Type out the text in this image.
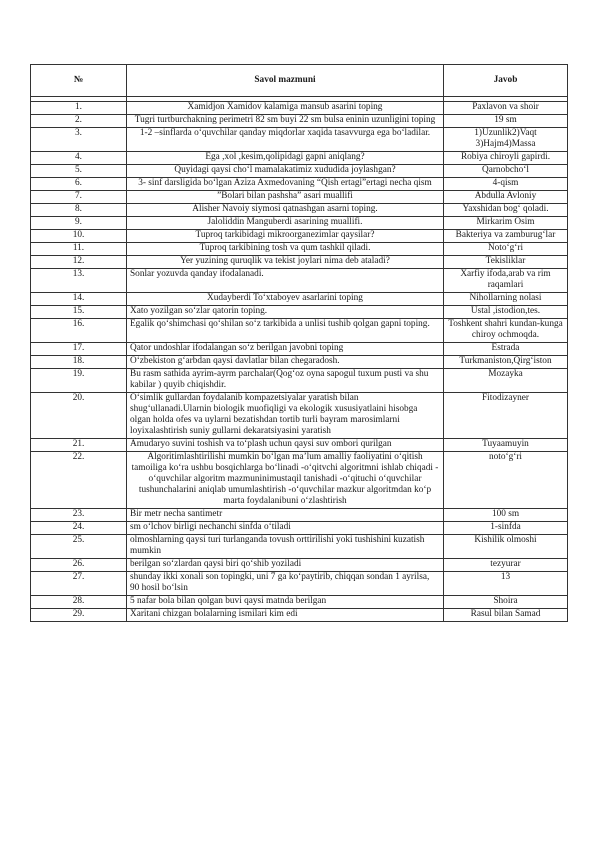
№	Savol mazmuni	Javob

1.	Xamidjon Xamidov kalamiga mansub asarini toping	Paxlavon va shoir
2.	Tugri turtburchakning perimetri 82 sm buyi 22 sm bulsa eninin uzunligini toping	19 sm
3.	1-2 –sinflarda o‘quvchilar qanday miqdorlar xaqida tasavvurga ega bo‘ladilar.	1)Uzunlik2)Vaqt 3)Hajm4)Massa
4.	Ega ,xol ,kesim,qolipidagi gapni aniqlang?	Robiya chiroyli gapirdi.
5.	Quyidagi qaysi cho‘l mamalakatimiz xududida joylashgan?	Qarnobcho‘l
6.	3- sinf darsligida bo‘lgan Aziza Axmedovaning “Qish ertagi”ertagi necha qism	4-qism
7.	”Bolari bilan pashsha” asari muallifi	Abdulla Avloniy
8.	Alisher Navoiy siymosi qatnashgan asarni toping.	Yaxshidan bog‘ qoladi.
9.	Jaloliddin Manguberdi asarining muallifi.	Mirkarim Osim
10.	Tuproq tarkibidagi mikroorganezimlar qaysilar?	Bakteriya va zamburug‘lar
11.	Tuproq tarkibining tosh va qum tashkil qiladi.	Noto‘g‘ri
12.	Yer yuzining quruqlik va tekist joylari nima deb ataladi?	Tekisliklar
13.	Sonlar yozuvda qanday ifodalanadi.	Xarfiy ifoda,arab va rim raqamlari
14.	Xudayberdi To‘xtaboyev asarlarini toping	Nihollarning nolasi
15.	Xato yozilgan so‘zlar qatorin toping.	Ustal ,istodion,tes.
16.	Egalik qo‘shimchasi qo‘shilan so‘z tarkibida a unlisi tushib qolgan gapni toping.	Toshkent shahri kundan-kunga chiroy ochmoqda.
17.	Qator undoshlar ifodalangan so‘z berilgan javobni toping	Estrada
18.	O‘zbekiston g‘arbdan qaysi davlatlar bilan chegaradosh.	Turkmaniston,Qirg‘iston
19.	Bu rasm sathida ayrim-ayrm parchalar(Qog‘oz oyna sapogul tuxum pusti va shu kabilar ) quyib chiqishdir.	Mozayka
20.	O‘simlik gullardan foydalanib kompazetsiyalar yaratish bilan shug‘ullanadi.Ularnin biologik muofiqligi va ekologik xususiyatlaini hisobga olgan holda ofes va uylarni bezatishdan tortib turli bayram marosimlarni loyixalashtirish suniy gullarni dekaratsiyasini yaratish	Fitodizayner
21.	Amudaryo suvini toshish va to‘plash uchun qaysi suv ombori qurilgan	Tuyaamuyin
22.	Algoritimlashtirilishi mumkin bo‘lgan ma’lum amalliy faoliyatini o‘qitish tamoiliga ko‘ra ushbu bosqichlarga bo‘linadi -o‘qitvchi algoritmni ishlab chiqadi -o‘quvchilar algoritm mazmuninimustaqil tanishadi -o‘qituchi o‘quvchilar tushunchalarini aniqlab umumlashtirish -o‘quvchilar mazkur algoritmdan ko‘p marta foydalanibuni o‘zlashtirish	noto‘g‘ri
23.	Bir metr necha santimetr	100 sm
24.	sm o‘lchov birligi nechanchi sinfda o‘tiladi	1-sinfda
25.	olmoshlarning qaysi turi turlanganda tovush orttirilishi yoki tushishini kuzatish mumkin	Kishilik olmoshi
26.	berilgan so‘zlardan qaysi biri qo‘shib yoziladi	tezyurar
27.	shunday ikki xonali son topingki, uni 7 ga ko‘paytirib, chiqqan sondan 1 ayrilsa, 90 hosil bo‘lsin	13
28.	5 nafar bola bilan qolgan buvi qaysi matnda berilgan	Shoira
29.	Xaritani chizgan bolalarning ismilari kim edi	Rasul bilan Samad
